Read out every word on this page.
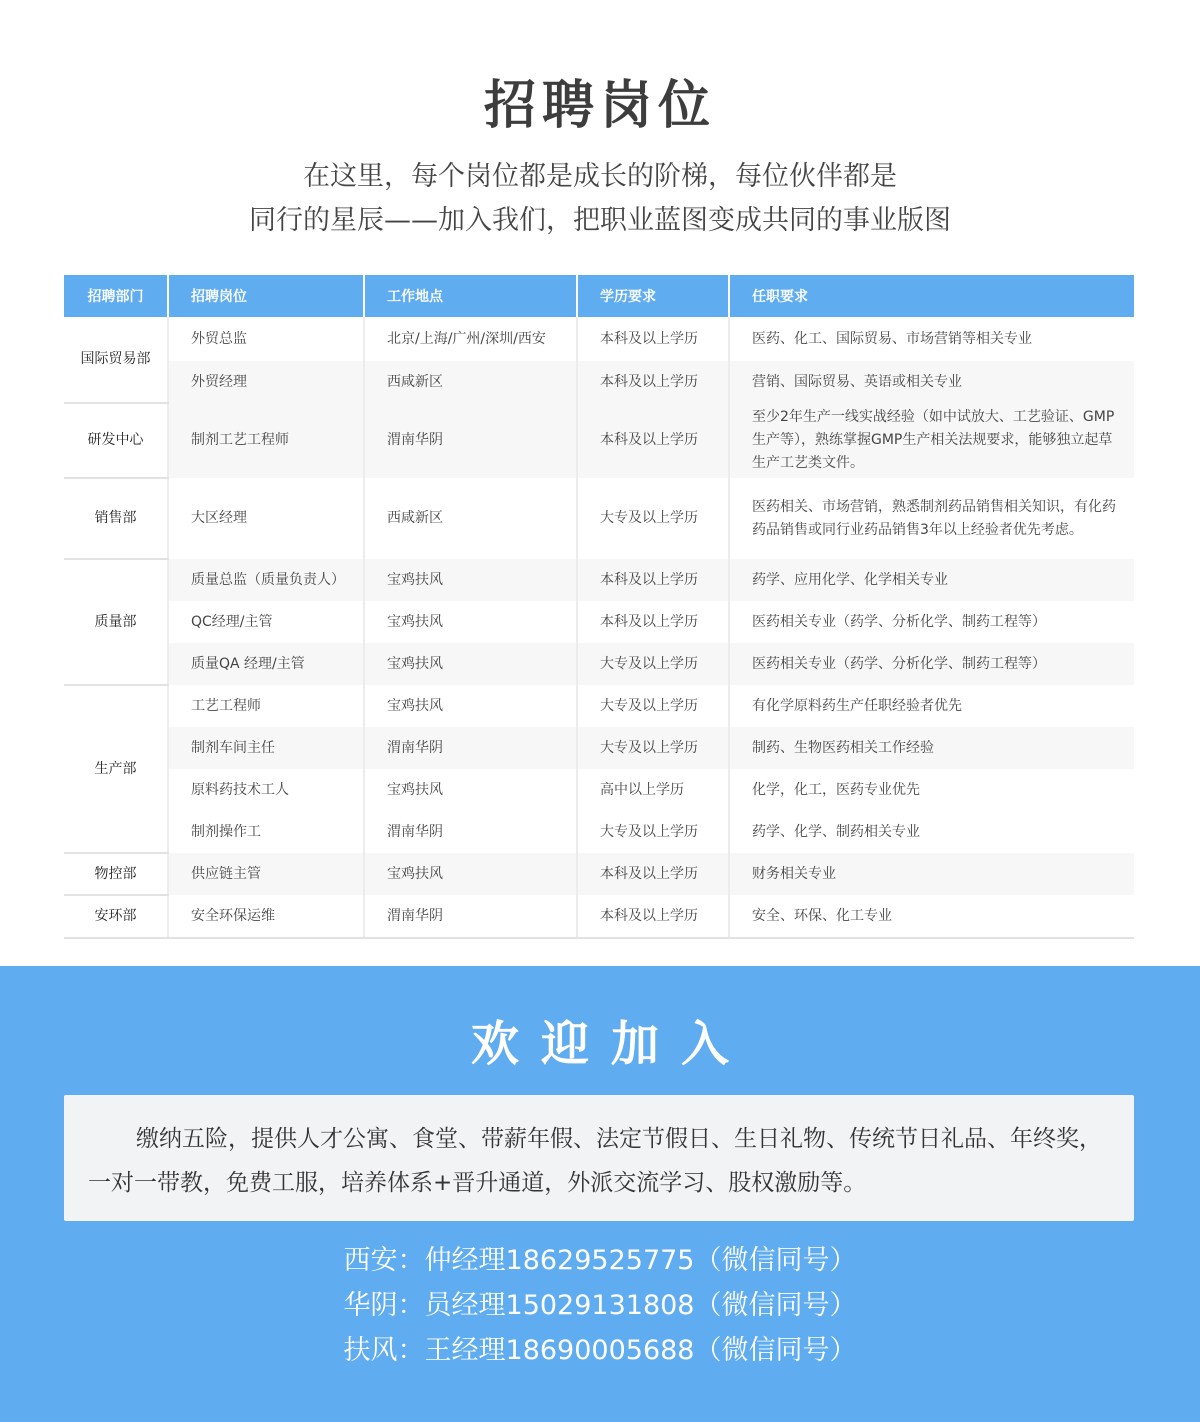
招聘岗位
在这里，每个岗位都是成长的阶梯，每位伙伴都是
同行的星辰——加入我们，把职业蓝图变成共同的事业版图
招聘部门	招聘岗位	工作地点	学历要求	任职要求
国际贸易部	外贸总监	北京/上海/广州/深圳/西安	本科及以上学历	医药、化工、国际贸易、市场营销等相关专业
	外贸经理	西咸新区	本科及以上学历	营销、国际贸易、英语或相关专业
研发中心	制剂工艺工程师	渭南华阴	本科及以上学历	至少2年生产一线实战经验（如中试放大、工艺验证、GMP生产等），熟练掌握GMP生产相关法规要求，能够独立起草生产工艺类文件。
销售部	大区经理	西咸新区	大专及以上学历	医药相关、市场营销，熟悉制剂药品销售相关知识，有化药药品销售或同行业药品销售3年以上经验者优先考虑。
质量部	质量总监（质量负责人）	宝鸡扶风	本科及以上学历	药学、应用化学、化学相关专业
	QC经理/主管	宝鸡扶风	本科及以上学历	医药相关专业（药学、分析化学、制药工程等）
	质量QA 经理/主管	宝鸡扶风	大专及以上学历	医药相关专业（药学、分析化学、制药工程等）
生产部	工艺工程师	宝鸡扶风	大专及以上学历	有化学原料药生产任职经验者优先
	制剂车间主任	渭南华阴	大专及以上学历	制药、生物医药相关工作经验
	原料药技术工人	宝鸡扶风	高中以上学历	化学，化工，医药专业优先
	制剂操作工	渭南华阴	大专及以上学历	药学、化学、制药相关专业
物控部	供应链主管	宝鸡扶风	本科及以上学历	财务相关专业
安环部	安全环保运维	渭南华阴	本科及以上学历	安全、环保、化工专业
欢迎加入
缴纳五险，提供人才公寓、食堂、带薪年假、法定节假日、生日礼物、传统节日礼品、年终奖，一对一带教，免费工服，培养体系+晋升通道，外派交流学习、股权激励等。
西安：仲经理18629525775（微信同号）
华阴：员经理15029131808（微信同号）
扶风：王经理18690005688（微信同号）
